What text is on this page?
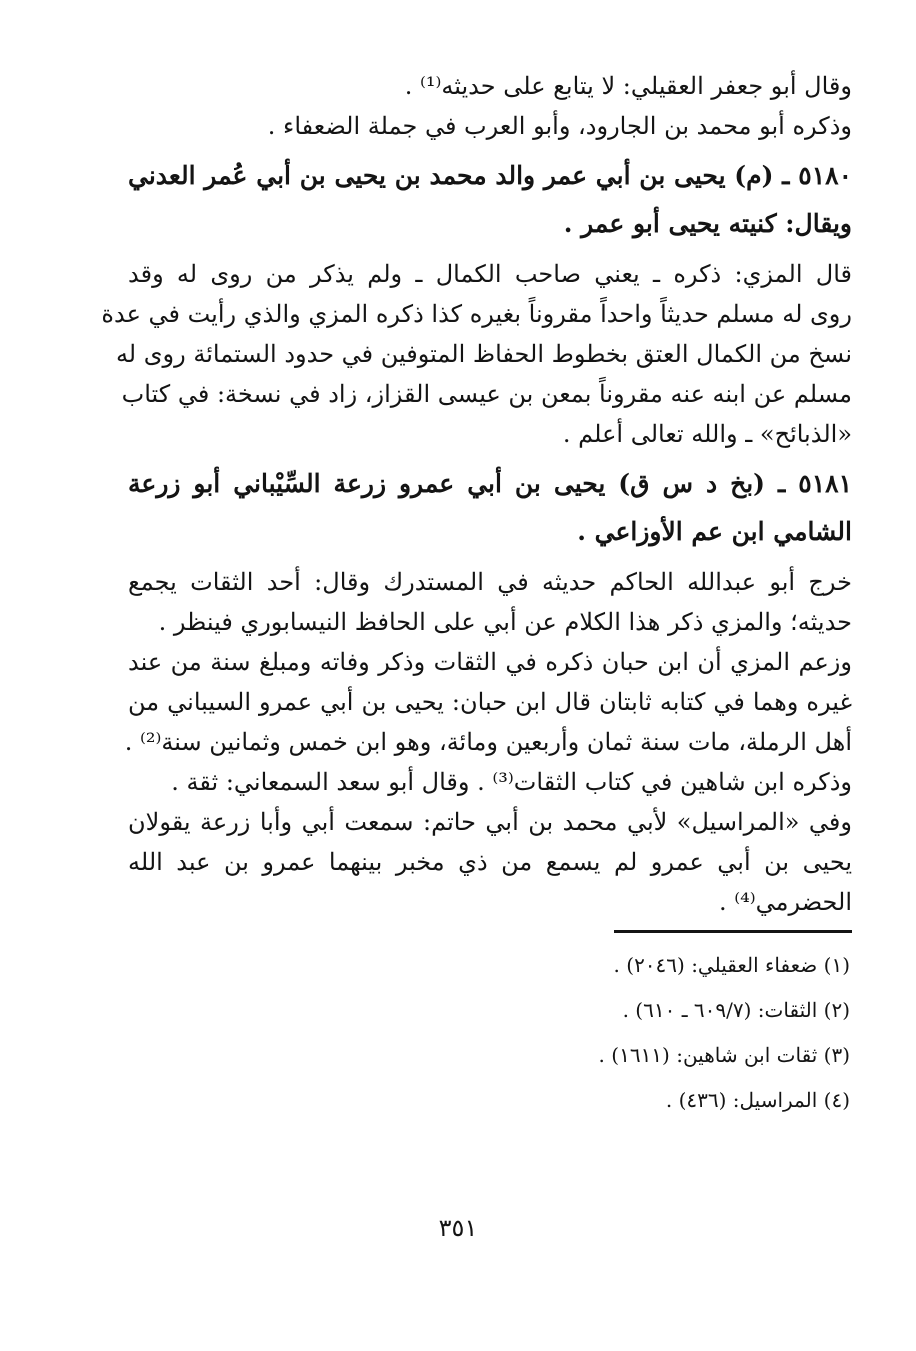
وقال أبو جعفر العقيلي: لا يتابع على حديثه⁽¹⁾ .
وذكره أبو محمد بن الجارود، وأبو العرب في جملة الضعفاء .
٥١٨٠ ـ (م) يحيى بن أبي عمر والد محمد بن يحيى بن أبي عُمر العدني
ويقال: كنيته يحيى أبو عمر .
قال المزي: ذكره ـ يعني صاحب الكمال ـ ولم يذكر من روى له وقد
روى له مسلم حديثاً واحداً مقروناً بغيره كذا ذكره المزي والذي رأيت في عدة
نسخ من الكمال العتق بخطوط الحفاظ المتوفين في حدود الستمائة روى له
مسلم عن ابنه عنه مقروناً بمعن بن عيسى القزاز، زاد في نسخة: في كتاب
«الذبائح» ـ والله تعالى أعلم .
٥١٨١ ـ (بخ د س ق) يحيى بن أبي عمرو زرعة السِّيْباني أبو زرعة
الشامي ابن عم الأوزاعي .
خرج أبو عبدالله الحاكم حديثه في المستدرك وقال: أحد الثقات يجمع
حديثه؛ والمزي ذكر هذا الكلام عن أبي على الحافظ النيسابوري فينظر .
وزعم المزي أن ابن حبان ذكره في الثقات وذكر وفاته ومبلغ سنة من عند
غيره وهما في كتابه ثابتان قال ابن حبان: يحيى بن أبي عمرو السيباني من
أهل الرملة، مات سنة ثمان وأربعين ومائة، وهو ابن خمس وثمانين سنة⁽²⁾ .
وذكره ابن شاهين في كتاب الثقات⁽³⁾ . وقال أبو سعد السمعاني: ثقة .
وفي «المراسيل» لأبي محمد بن أبي حاتم: سمعت أبي وأبا زرعة يقولان
يحيى بن أبي عمرو لم يسمع من ذي مخبر بينهما عمرو بن عبد الله
الحضرمي⁽⁴⁾ .
(١) ضعفاء العقيلي: (٢٠٤٦) .
(٢) الثقات: (٦٠٩/٧ ـ ٦١٠) .
(٣) ثقات ابن شاهين: (١٦١١) .
(٤) المراسيل: (٤٣٦) .
٣٥١
